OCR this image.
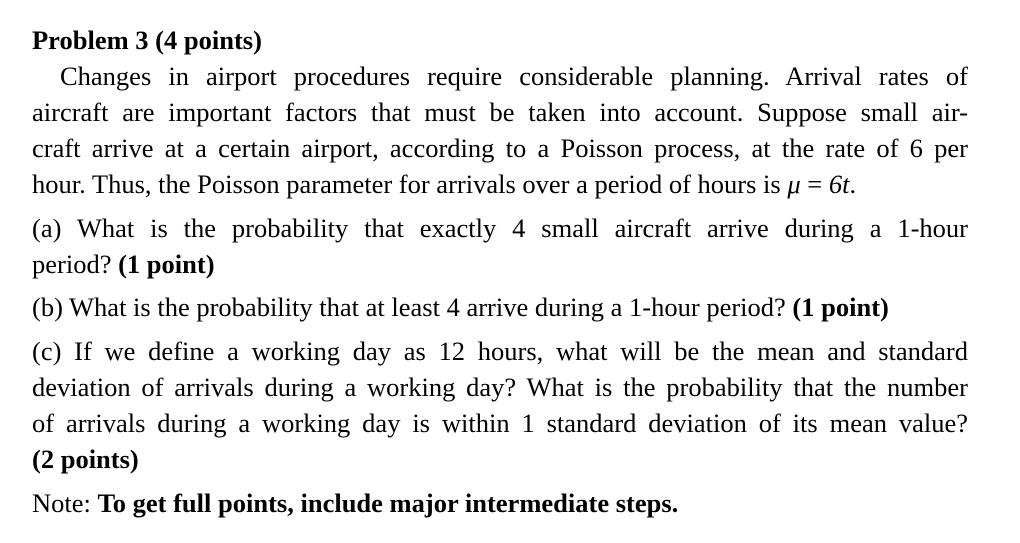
Problem 3 (4 points)
Changes in airport procedures require considerable planning. Arrival rates of
aircraft are important factors that must be taken into account. Suppose small air-
craft arrive at a certain airport, according to a Poisson process, at the rate of 6 per
hour. Thus, the Poisson parameter for arrivals over a period of hours is μ = 6t.
(a) What is the probability that exactly 4 small aircraft arrive during a 1-hour
period? (1 point)
(b) What is the probability that at least 4 arrive during a 1-hour period? (1 point)
(c) If we define a working day as 12 hours, what will be the mean and standard
deviation of arrivals during a working day? What is the probability that the number
of arrivals during a working day is within 1 standard deviation of its mean value?
(2 points)
Note: To get full points, include major intermediate steps.
